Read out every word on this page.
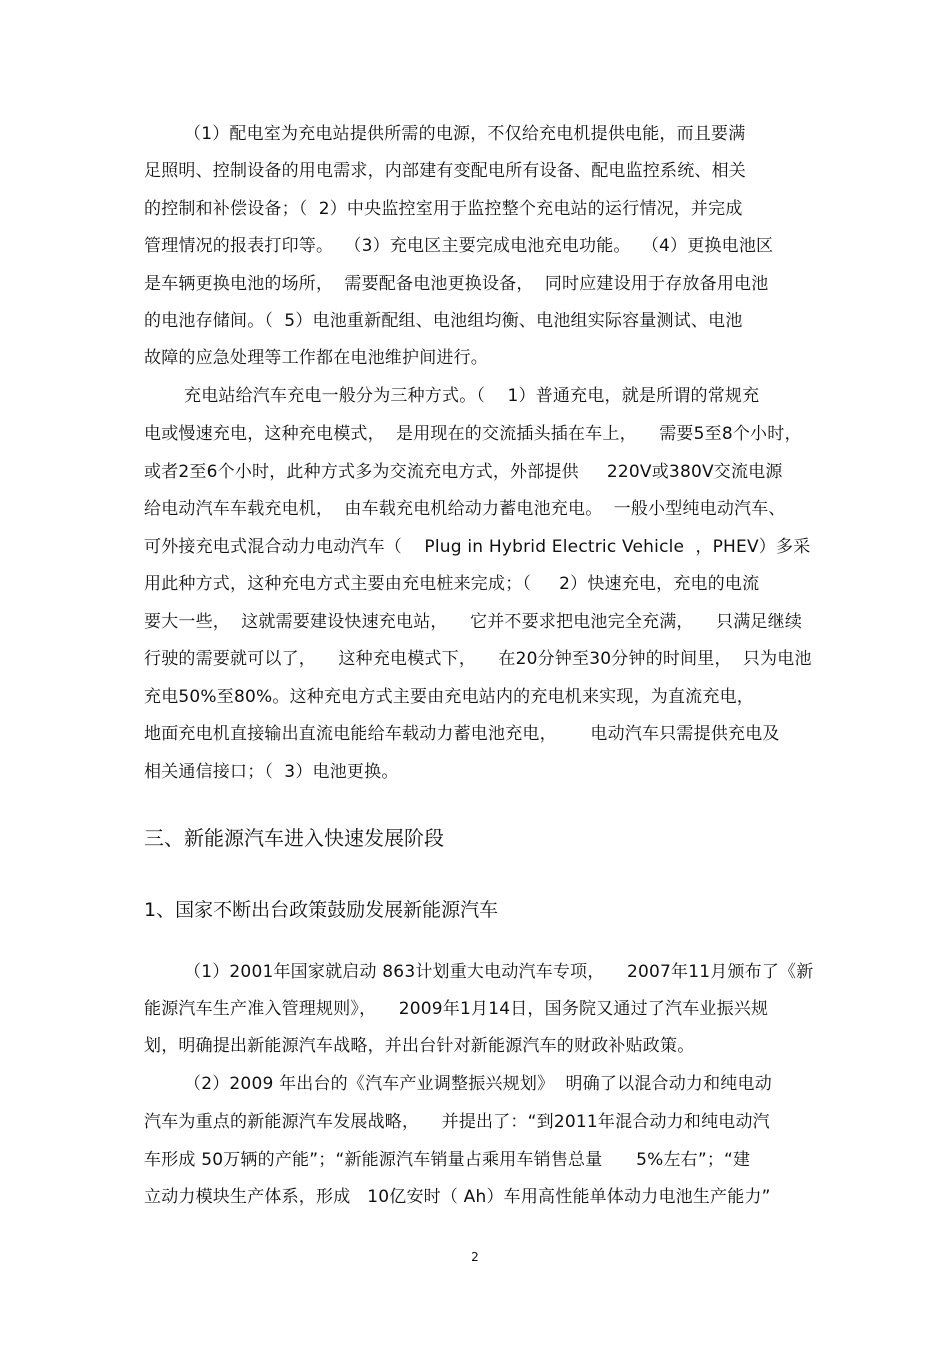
（1）配电室为充电站提供所需的电源，不仅给充电机提供电能，而且要满
足照明、控制设备的用电需求，内部建有变配电所有设备、配电监控系统、相关
的控制和补偿设备；（  2）中央监控室用于监控整个充电站的运行情况，并完成
管理情况的报表打印等。  （3）充电区主要完成电池充电功能。  （4）更换电池区
是车辆更换电池的场所，  需要配备电池更换设备，  同时应建设用于存放备用电池
的电池存储间。（  5）电池重新配组、电池组均衡、电池组实际容量测试、电池
故障的应急处理等工作都在电池维护间进行。
充电站给汽车充电一般分为三种方式。（    1）普通充电，就是所谓的常规充
电或慢速充电，这种充电模式，  是用现在的交流插头插在车上，    需要5至8个小时，
或者2至6个小时，此种方式多为交流充电方式，外部提供     220V或380V交流电源
给电动汽车车载充电机，  由车载充电机给动力蓄电池充电。  一般小型纯电动汽车、
可外接充电式混合动力电动汽车（    Plug in Hybrid Electric Vehicle  ，PHEV）多采
用此种方式，这种充电方式主要由充电桩来完成；（     2）快速充电，充电的电流
要大一些，  这就需要建设快速充电站，    它并不要求把电池完全充满，    只满足继续
行驶的需要就可以了，    这种充电模式下，    在20分钟至30分钟的时间里，  只为电池
充电50%至80%。这种充电方式主要由充电站内的充电机来实现，为直流充电，
地面充电机直接输出直流电能给车载动力蓄电池充电，      电动汽车只需提供充电及
相关通信接口；（  3）电池更换。
三、新能源汽车进入快速发展阶段
1、国家不断出台政策鼓励发展新能源汽车
（1）2001年国家就启动 863计划重大电动汽车专项，    2007年11月颁布了《新
能源汽车生产准入管理规则》，    2009年1月14日，国务院又通过了汽车业振兴规
划，明确提出新能源汽车战略，并出台针对新能源汽车的财政补贴政策。
（2）2009 年出台的《汽车产业调整振兴规划》  明确了以混合动力和纯电动
汽车为重点的新能源汽车发展战略，    并提出了：“到2011年混合动力和纯电动汽
车形成 50万辆的产能”；“新能源汽车销量占乘用车销售总量      5%左右”；“建
立动力模块生产体系，形成   10亿安时（ Ah）车用高性能单体动力电池生产能力”
2
